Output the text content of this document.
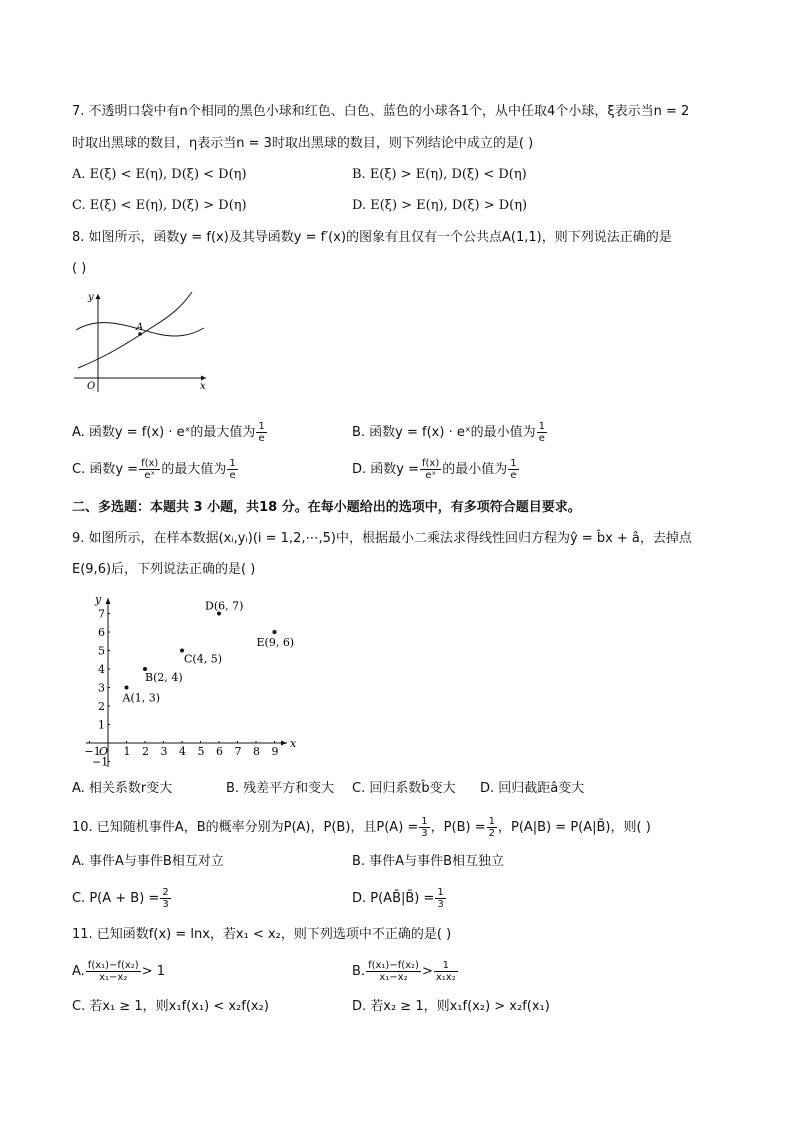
7. 不透明口袋中有n个相同的黑色小球和红色、白色、蓝色的小球各1个，从中任取4个小球，ξ表示当n = 2
时取出黑球的数目，η表示当n = 3时取出黑球的数目，则下列结论中成立的是( )
A. E(ξ) < E(η), D(ξ) < D(η)	B. E(ξ) > E(η), D(ξ) < D(η)
C. E(ξ) < E(η), D(ξ) > D(η)	D. E(ξ) > E(η), D(ξ) > D(η)
8. 如图所示，函数y = f(x)及其导函数y = f′(x)的图象有且仅有一个公共点A(1,1)，则下列说法正确的是
( )
A
y
x
O
A. 函数y = f(x) · eˣ的最大值为 $\frac{1}{e}$	B. 函数y = f(x) · eˣ的最小值为 $\frac{1}{e}$
C. 函数$y = \frac{f(x)}{\text{eˣ}}$ 的最大值为 $\frac{1}{e}$	D. 函数$y = \frac{f(x)}{\text{eˣ}}$ 的最小值为 $\frac{1}{e}$
二、多选题：本题共 3 小题，共18 分。在每小题给出的选项中，有多项符合题目要求。
9. 如图所示，在样本数据(xᵢ,yᵢ)(i = 1,2,⋯,5)中，根据最小二乘法求得线性回归方程为ŷ = b̂x + â，去掉点
E(9,6)后，下列说法正确的是( )
x
y
−1
O 1 2 3 4 5 6 7 8 9
−1
1
2
3
4
5
6
7
A(1, 3)
B(2, 4)
C(4, 5)
D(6, 7)
E(9, 6)
A. 相关系数r变大	B. 残差平方和变大 C. 回归系数b̂变大 D. 回归截距â变大
10. 已知随机事件A，B的概率分别为P(A)，P(B)，且$P(A) = \frac{1}{3}$ ，$P(B) = \frac{1}{2}$ ，P(A|B) = P(A|B̄)，则( )
A. 事件A与事件B相互对立	B. 事件A与事件B相互独立
C. $P(A + B) = \frac{2}{3}$	D. P(AB̄|B̄) = $\frac{1}{3}$
11. 已知函数f(x) = lnx，若x₁ < x₂，则下列选项中不正确的是( )
A. $\frac{\text{f(x₁)−f(x₂)}}{\text{x₁−x₂}} > 1$	B. $\frac{\text{f(x₁)−f(x₂)}}{\text{x₁−x₂}} > \frac{1}{\text{x₁x₂}}$
C. 若x₁ ≥ 1，则x₁f(x₁) < x₂f(x₂)	D. 若x₂ ≥ 1，则x₁f(x₂) > x₂f(x₁)
